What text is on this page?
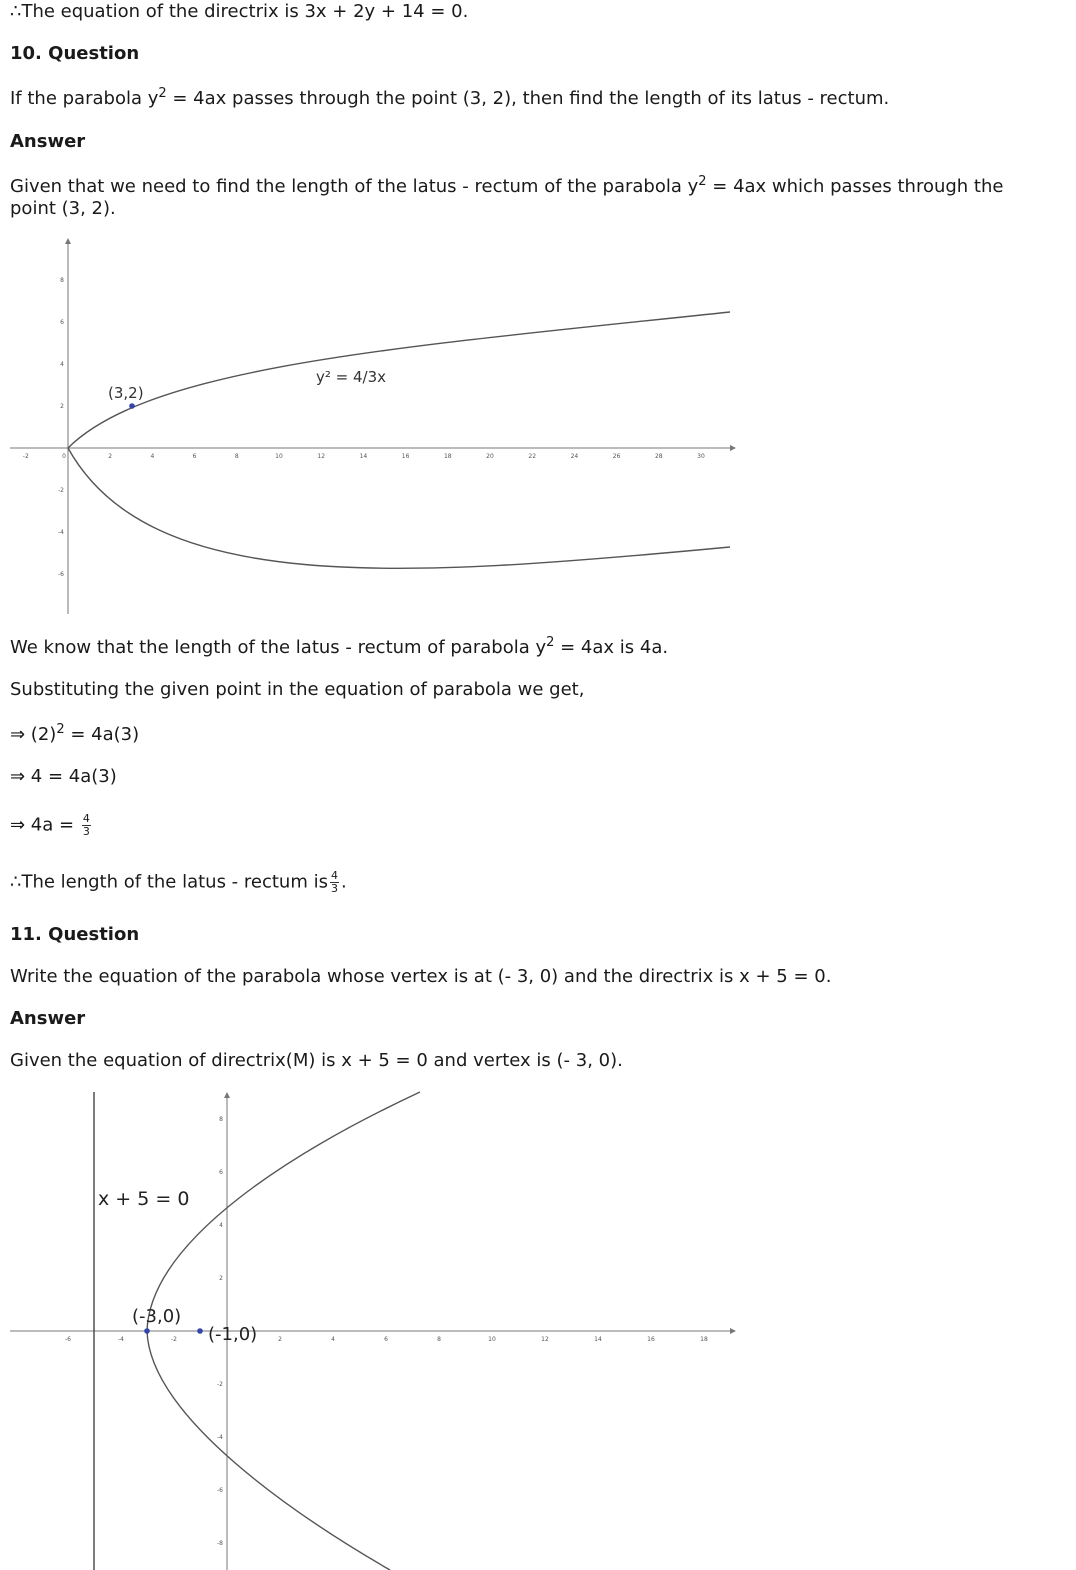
∴The equation of the directrix is 3x + 2y + 14 = 0.
10. Question
If the parabola $y^2 = 4ax$ passes through the point (3, 2), then find the length of its latus - rectum.
Answer
Given that we need to find the length of the latus - rectum of the parabola $y^2 = 4ax$ which passes through the point (3, 2).
-2	0	2	4	6	8	10	12	14	16	18	20	22	24	26	28	30
8
6
4
2
-2
-4
-6
(3,2)
y² = 4/3x
We know that the length of the latus - rectum of parabola $y^2 = 4ax$ is 4a.
Substituting the given point in the equation of parabola we get,
⇒ $(2)^2 = 4a(3)$
⇒ 4 = 4a(3)
⇒ $4a = \frac{4}{3}$
∴The length of the latus - rectum is $\frac{4}{3}$ .
11. Question
Write the equation of the parabola whose vertex is at (- 3, 0) and the directrix is x + 5 = 0.
Answer
Given the equation of directrix(M) is x + 5 = 0 and vertex is (- 3, 0).
-6	-4	-2	2	4	6	8	10	12	14	16	18
8
6
4
2
-2
-4
-6
-8
x + 5 = 0
(-3,0)
(-1,0)
